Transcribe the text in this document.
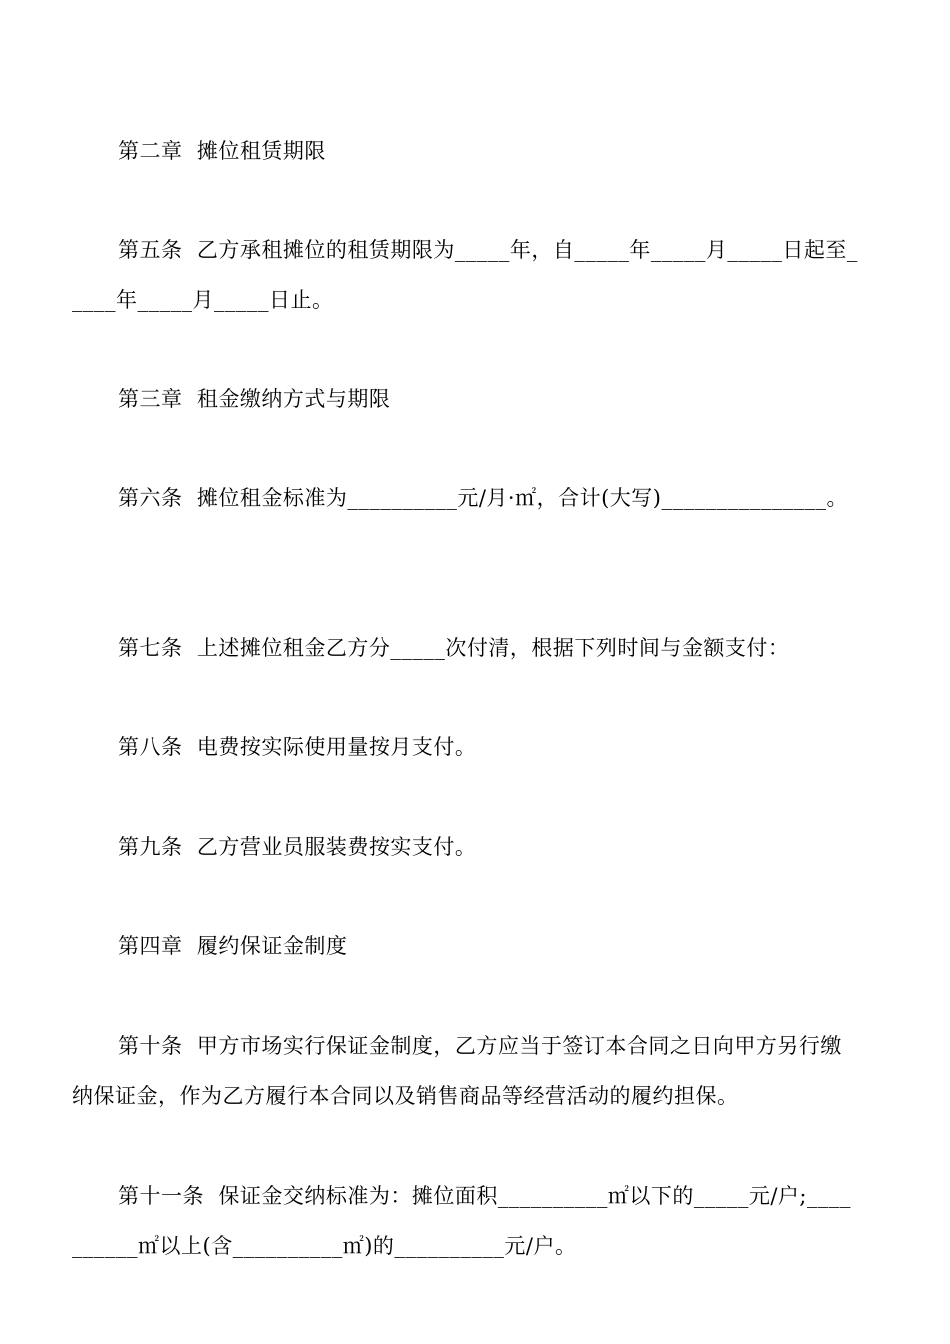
第二章  摊位租赁期限
第五条  乙方承租摊位的租赁期限为_____年，自_____年_____月_____日起至_
____年_____月_____日止。
第三章  租金缴纳方式与期限
第六条  摊位租金标准为__________元/月·㎡，合计(大写)_______________。
第七条  上述摊位租金乙方分_____次付清，根据下列时间与金额支付：
第八条  电费按实际使用量按月支付。
第九条  乙方营业员服装费按实支付。
第四章  履约保证金制度
第十条  甲方市场实行保证金制度，乙方应当于签订本合同之日向甲方另行缴
纳保证金，作为乙方履行本合同以及销售商品等经营活动的履约担保。
第十一条  保证金交纳标准为：摊位面积__________㎡以下的_____元/户;____
______㎡以上(含__________㎡)的__________元/户。
